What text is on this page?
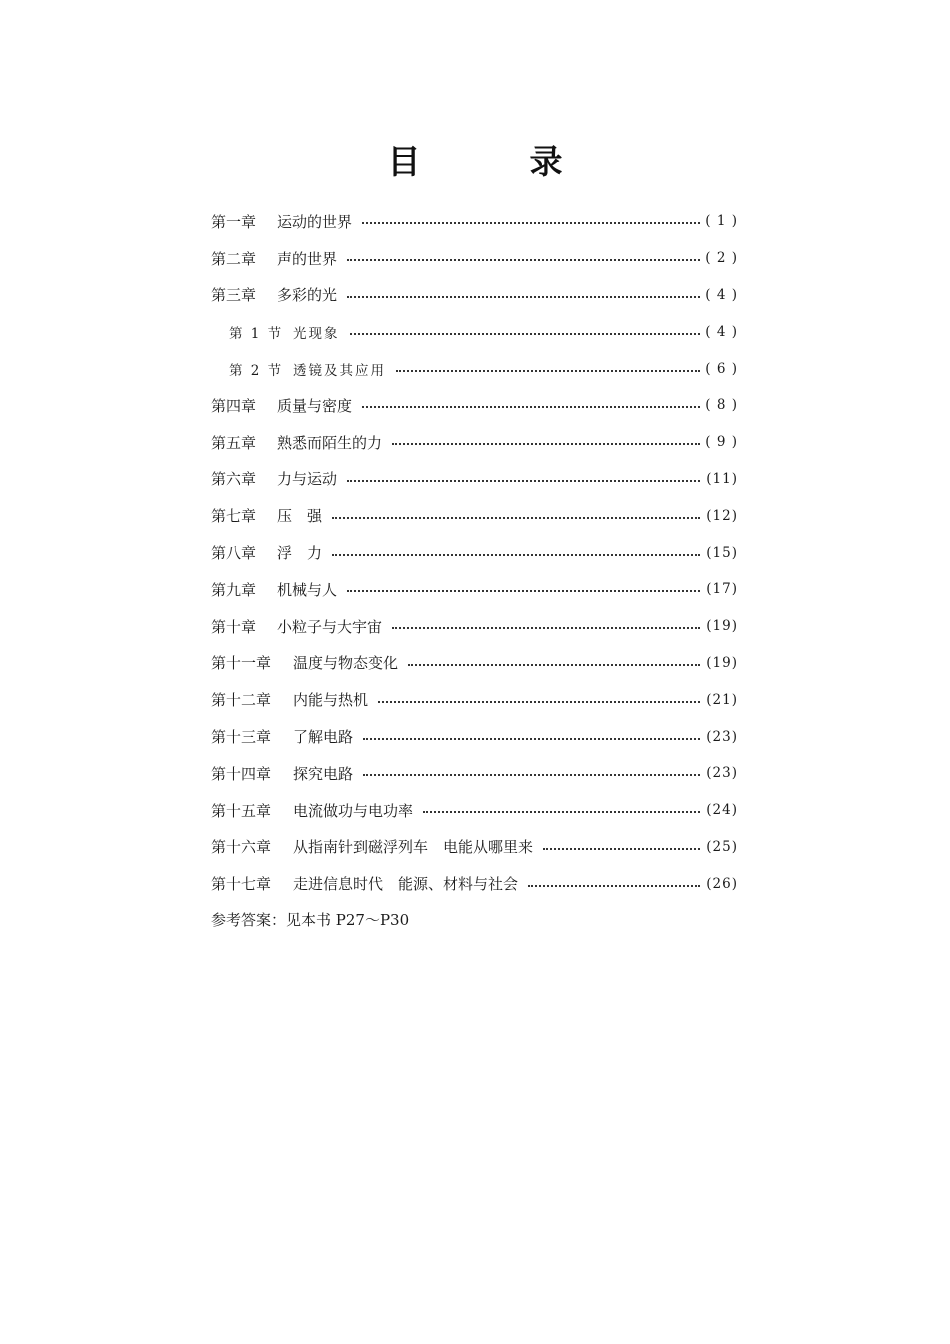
目　录
第一章	运动的世界	( 1 )
第二章	声的世界	( 2 )
第三章	多彩的光	( 4 )
第 1 节 光现象	( 4 )
第 2 节 透镜及其应用	( 6 )
第四章	质量与密度	( 8 )
第五章	熟悉而陌生的力	( 9 )
第六章	力与运动	(11)
第七章	压　强	(12)
第八章	浮　力	(15)
第九章	机械与人	(17)
第十章	小粒子与大宇宙	(19)
第十一章	温度与物态变化	(19)
第十二章	内能与热机	(21)
第十三章	了解电路	(23)
第十四章	探究电路	(23)
第十五章	电流做功与电功率	(24)
第十六章	从指南针到磁浮列车　电能从哪里来	(25)
第十七章	走进信息时代　能源、材料与社会	(26)
参考答案：见本书 P27～P30
